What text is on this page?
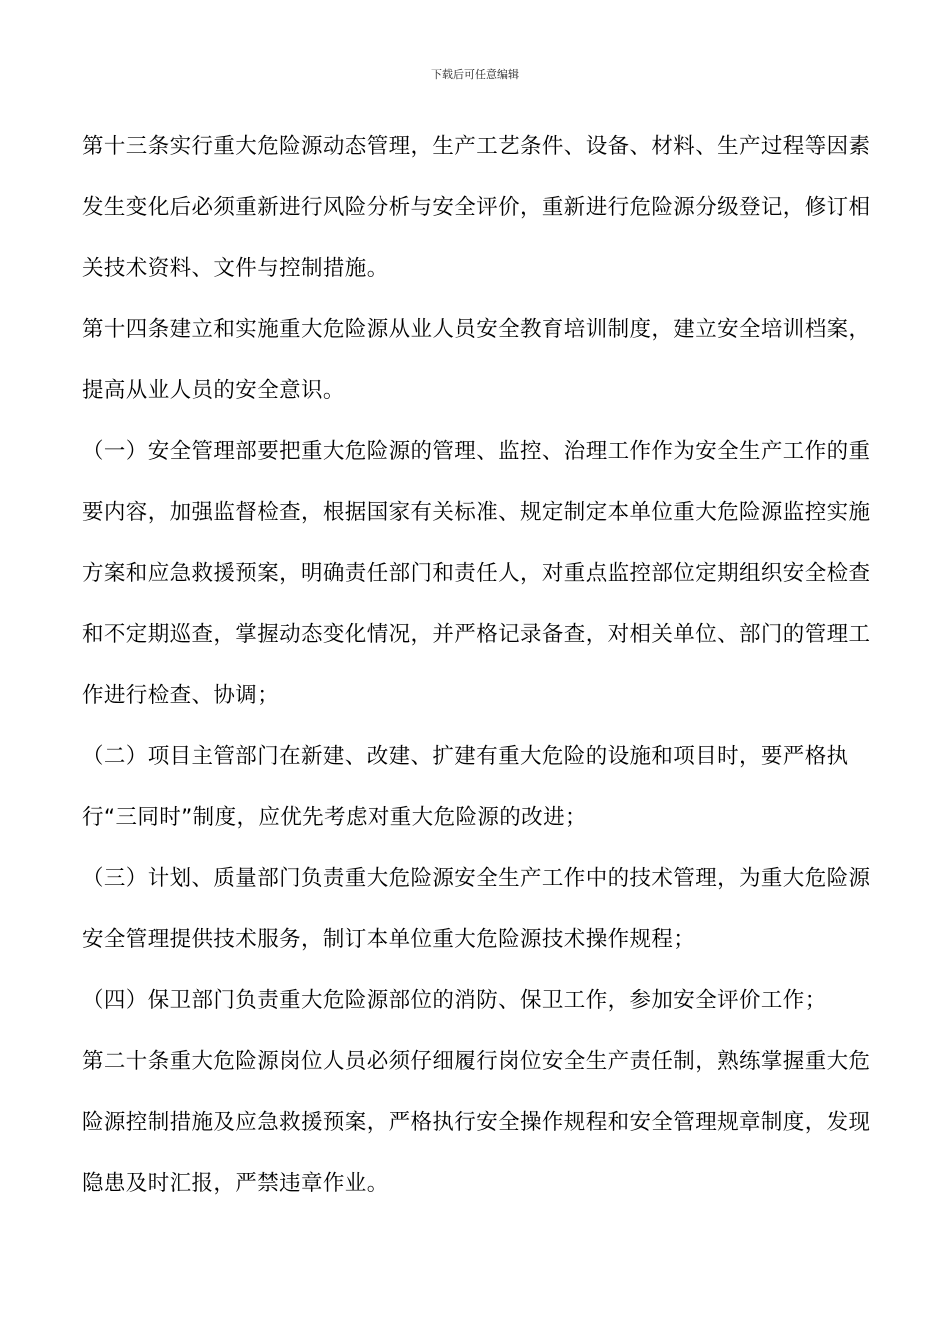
下载后可任意编辑

第十三条实行重大危险源动态管理，生产工艺条件、设备、材料、生产过程等因素发生变化后必须重新进行风险分析与安全评价，重新进行危险源分级登记，修订相关技术资料、文件与控制措施。

第十四条建立和实施重大危险源从业人员安全教育培训制度，建立安全培训档案，提高从业人员的安全意识。

（一）安全管理部要把重大危险源的管理、监控、治理工作作为安全生产工作的重要内容，加强监督检查，根据国家有关标准、规定制定本单位重大危险源监控实施方案和应急救援预案，明确责任部门和责任人，对重点监控部位定期组织安全检查和不定期巡查，掌握动态变化情况，并严格记录备查，对相关单位、部门的管理工作进行检查、协调；

（二）项目主管部门在新建、改建、扩建有重大危险的设施和项目时，要严格执行“三同时”制度，应优先考虑对重大危险源的改进；

（三）计划、质量部门负责重大危险源安全生产工作中的技术管理，为重大危险源安全管理提供技术服务，制订本单位重大危险源技术操作规程；

（四）保卫部门负责重大危险源部位的消防、保卫工作，参加安全评价工作；

第二十条重大危险源岗位人员必须仔细履行岗位安全生产责任制，熟练掌握重大危险源控制措施及应急救援预案，严格执行安全操作规程和安全管理规章制度，发现隐患及时汇报，严禁违章作业。
